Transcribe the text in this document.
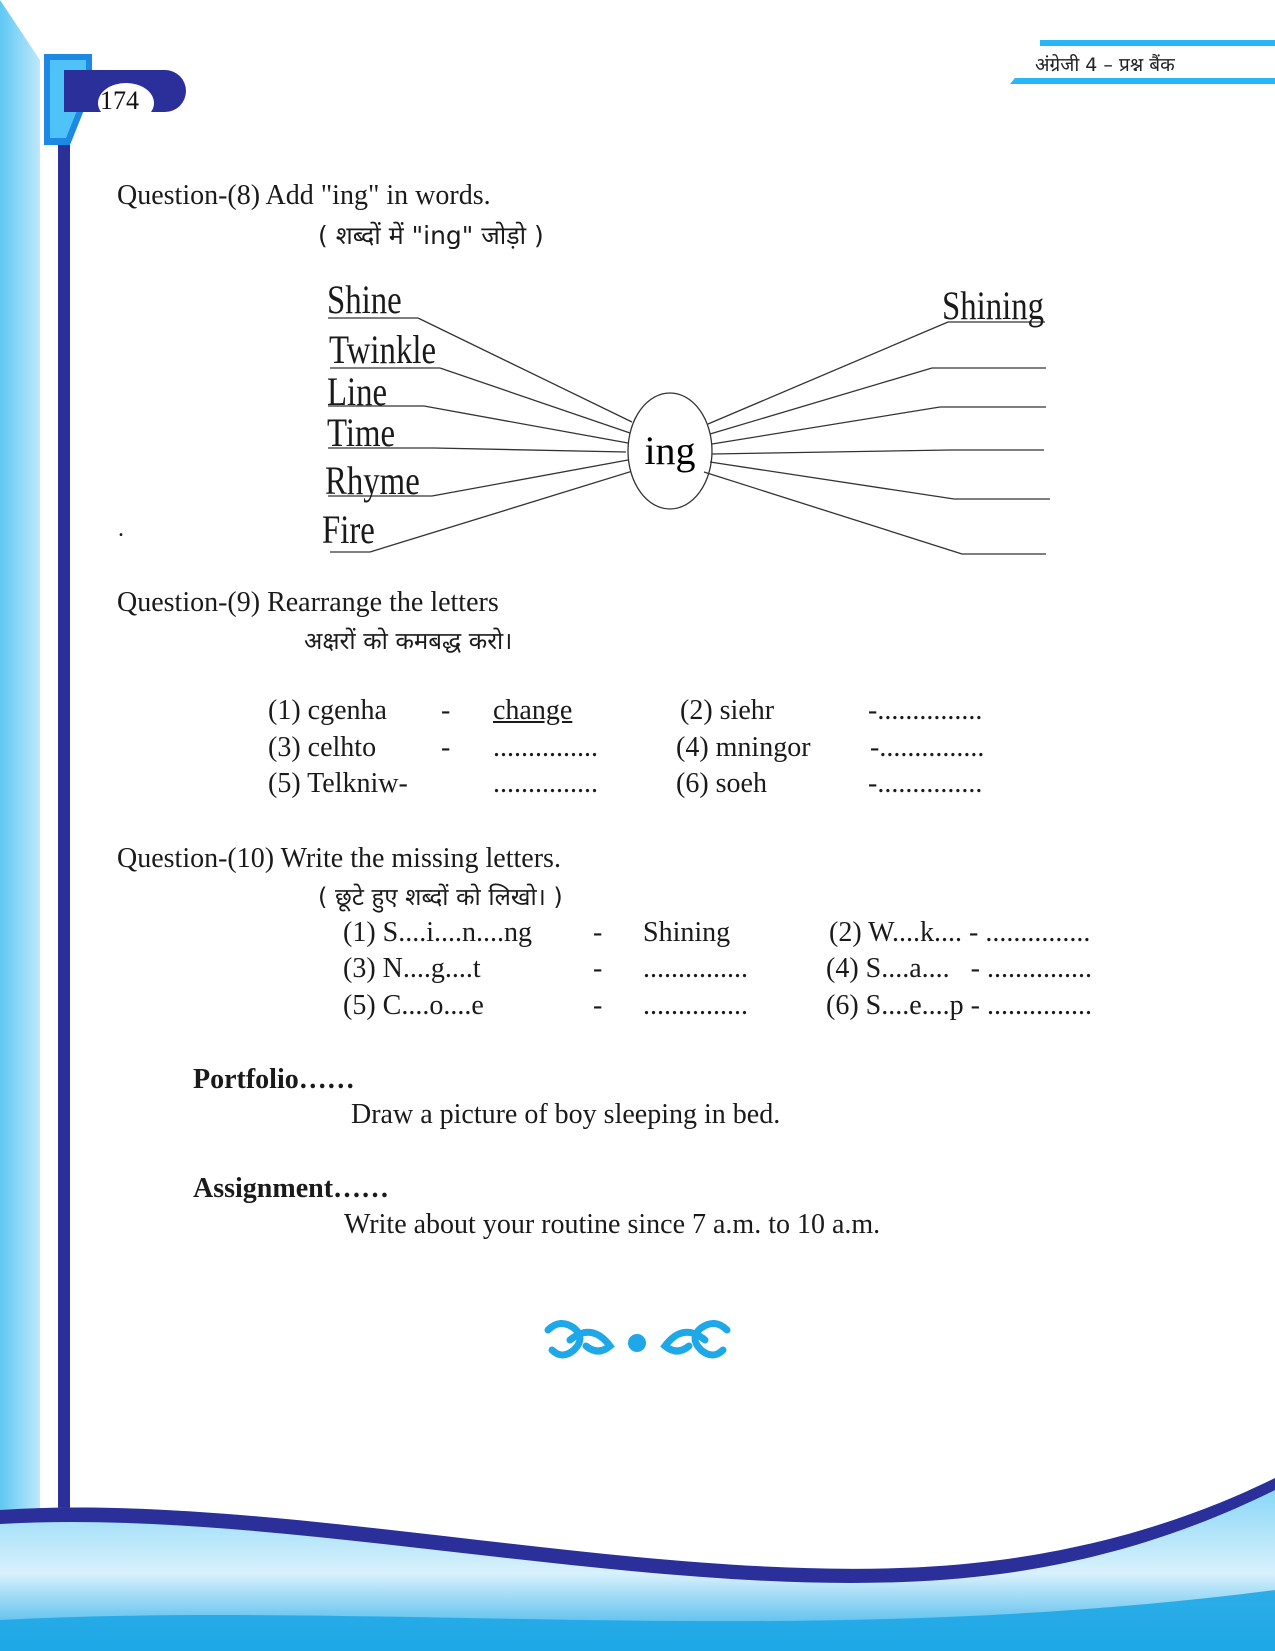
174
अंग्रेजी 4 – प्रश्न बैंक
Question-(8) Add "ing" in words.
( शब्दों में "ing" जोड़ो )
ing
Shine
Twinkle
Line
Time
Rhyme
Fire
Shining
.
Question-(9) Rearrange the letters
अक्षरों को कमबद्ध करो।
(1) cgenha - change	(2) siehr	-...............
(3) celhto - ...............	(4) mningor -...............
(5) Telkniw-	...............	(6) soeh	-...............
Question-(10) Write the missing letters.
( छूटे हुए शब्दों को लिखो। )
(1) S....i....n....ng - Shining	(2) W....k.... - ...............
(3) N....g....t	- ...............	(4) S....a....   - ...............
(5) C....o....e	- ...............	(6) S....e....p - ...............
Portfolio……
Draw a picture of boy sleeping in bed.
Assignment……
Write about your routine since 7 a.m. to 10 a.m.
